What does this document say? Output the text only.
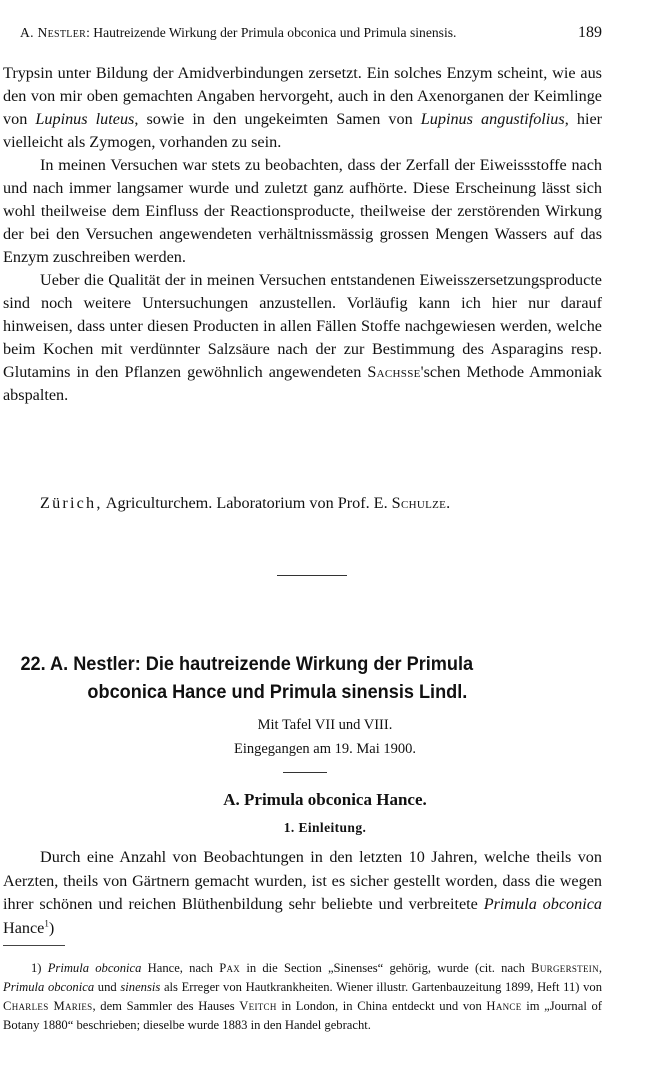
A. Nestler: Hautreizende Wirkung der Primula obconica und Primula sinensis.	189

Trypsin unter Bildung der Amidverbindungen zersetzt. Ein solches Enzym scheint, wie aus den von mir oben gemachten Angaben hervorgeht, auch in den Axenorganen der Keimlinge von Lupinus luteus, sowie in den ungekeimten Samen von Lupinus angustifolius, hier vielleicht als Zymogen, vorhanden zu sein.

In meinen Versuchen war stets zu beobachten, dass der Zerfall der Eiweissstoffe nach und nach immer langsamer wurde und zuletzt ganz aufhörte. Diese Erscheinung lässt sich wohl theilweise dem Einfluss der Reactionsproducte, theilweise der zerstörenden Wirkung der bei den Versuchen angewendeten verhältnissmässig grossen Mengen Wassers auf das Enzym zuschreiben werden.

Ueber die Qualität der in meinen Versuchen entstandenen Eiweisszersetzungsproducte sind noch weitere Untersuchungen anzustellen. Vorläufig kann ich hier nur darauf hinweisen, dass unter diesen Producten in allen Fällen Stoffe nachgewiesen werden, welche beim Kochen mit verdünnter Salzsäure nach der zur Bestimmung des Asparagins resp. Glutamins in den Pflanzen gewöhnlich angewendeten Sachsse'schen Methode Ammoniak abspalten.

Zürich, Agriculturchem. Laboratorium von Prof. E. Schulze.
22. A. Nestler: Die hautreizende Wirkung der Primula
obconica Hance und Primula sinensis Lindl.
Mit Tafel VII und VIII.
Eingegangen am 19. Mai 1900.
A. Primula obconica Hance.
1. Einleitung.

Durch eine Anzahl von Beobachtungen in den letzten 10 Jahren, welche theils von Aerzten, theils von Gärtnern gemacht wurden, ist es sicher gestellt worden, dass die wegen ihrer schönen und reichen Blüthenbildung sehr beliebte und verbreitete Primula obconica Hance$^1$)

1) Primula obconica Hance, nach Pax in die Section „Sinenses“ gehörig, wurde (cit. nach Burgerstein, Primula obconica und sinensis als Erreger von Hautkrankheiten. Wiener illustr. Gartenbauzeitung 1899, Heft 11) von Charles Maries, dem Sammler des Hauses Veitch in London, in China entdeckt und von Hance im „Journal of Botany 1880“ beschrieben; dieselbe wurde 1883 in den Handel gebracht.
